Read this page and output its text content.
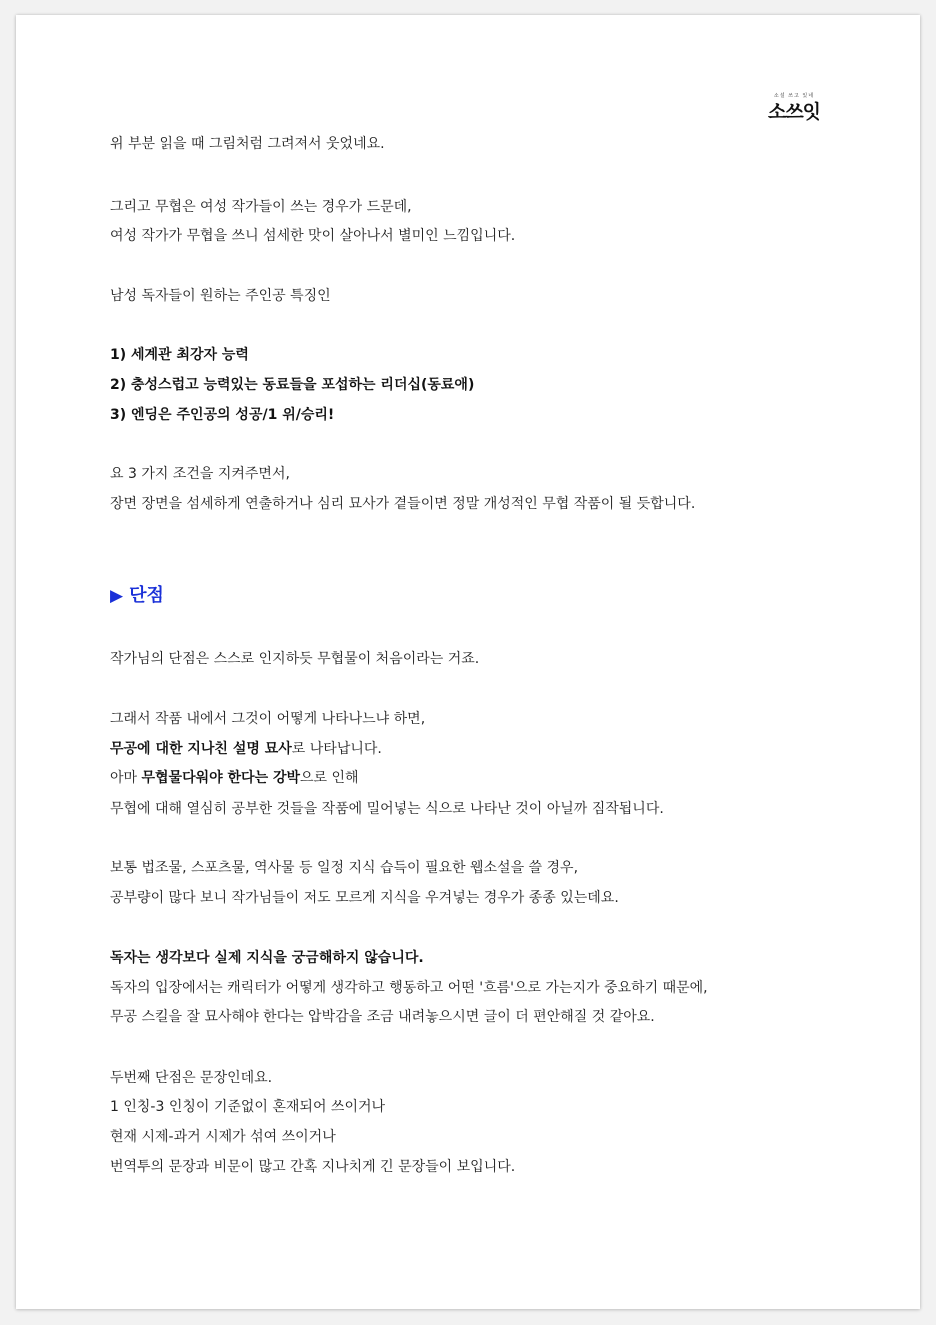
소설 쓰고 있네
소쓰잇
위 부분 읽을 때 그림처럼 그려져서 웃었네요.
그리고 무협은 여성 작가들이 쓰는 경우가 드문데,
여성 작가가 무협을 쓰니 섬세한 맛이 살아나서 별미인 느낌입니다.
남성 독자들이 원하는 주인공 특징인
1) 세계관 최강자 능력
2) 충성스럽고 능력있는 동료들을 포섭하는 리더십(동료애)
3) 엔딩은 주인공의 성공/1 위/승리!
요 3 가지 조건을 지켜주면서,
장면 장면을 섬세하게 연출하거나 심리 묘사가 곁들이면 정말 개성적인 무협 작품이 될 듯합니다.
▶ 단점
작가님의 단점은 스스로 인지하듯 무협물이 처음이라는 거죠.
그래서 작품 내에서 그것이 어떻게 나타나느냐 하면,
무공에 대한 지나친 설명 묘사로 나타납니다.
아마 무협물다워야 한다는 강박으로 인해
무협에 대해 열심히 공부한 것들을 작품에 밀어넣는 식으로 나타난 것이 아닐까 짐작됩니다.
보통 법조물, 스포츠물, 역사물 등 일정 지식 습득이 필요한 웹소설을 쓸 경우,
공부량이 많다 보니 작가님들이 저도 모르게 지식을 우겨넣는 경우가 종종 있는데요.
독자는 생각보다 실제 지식을 궁금해하지 않습니다.
독자의 입장에서는 캐릭터가 어떻게 생각하고 행동하고 어떤 '흐름'으로 가는지가 중요하기 때문에,
무공 스킬을 잘 묘사해야 한다는 압박감을 조금 내려놓으시면 글이 더 편안해질 것 같아요.
두번째 단점은 문장인데요.
1 인칭-3 인칭이 기준없이 혼재되어 쓰이거나
현재 시제-과거 시제가 섞여 쓰이거나
번역투의 문장과 비문이 많고 간혹 지나치게 긴 문장들이 보입니다.
